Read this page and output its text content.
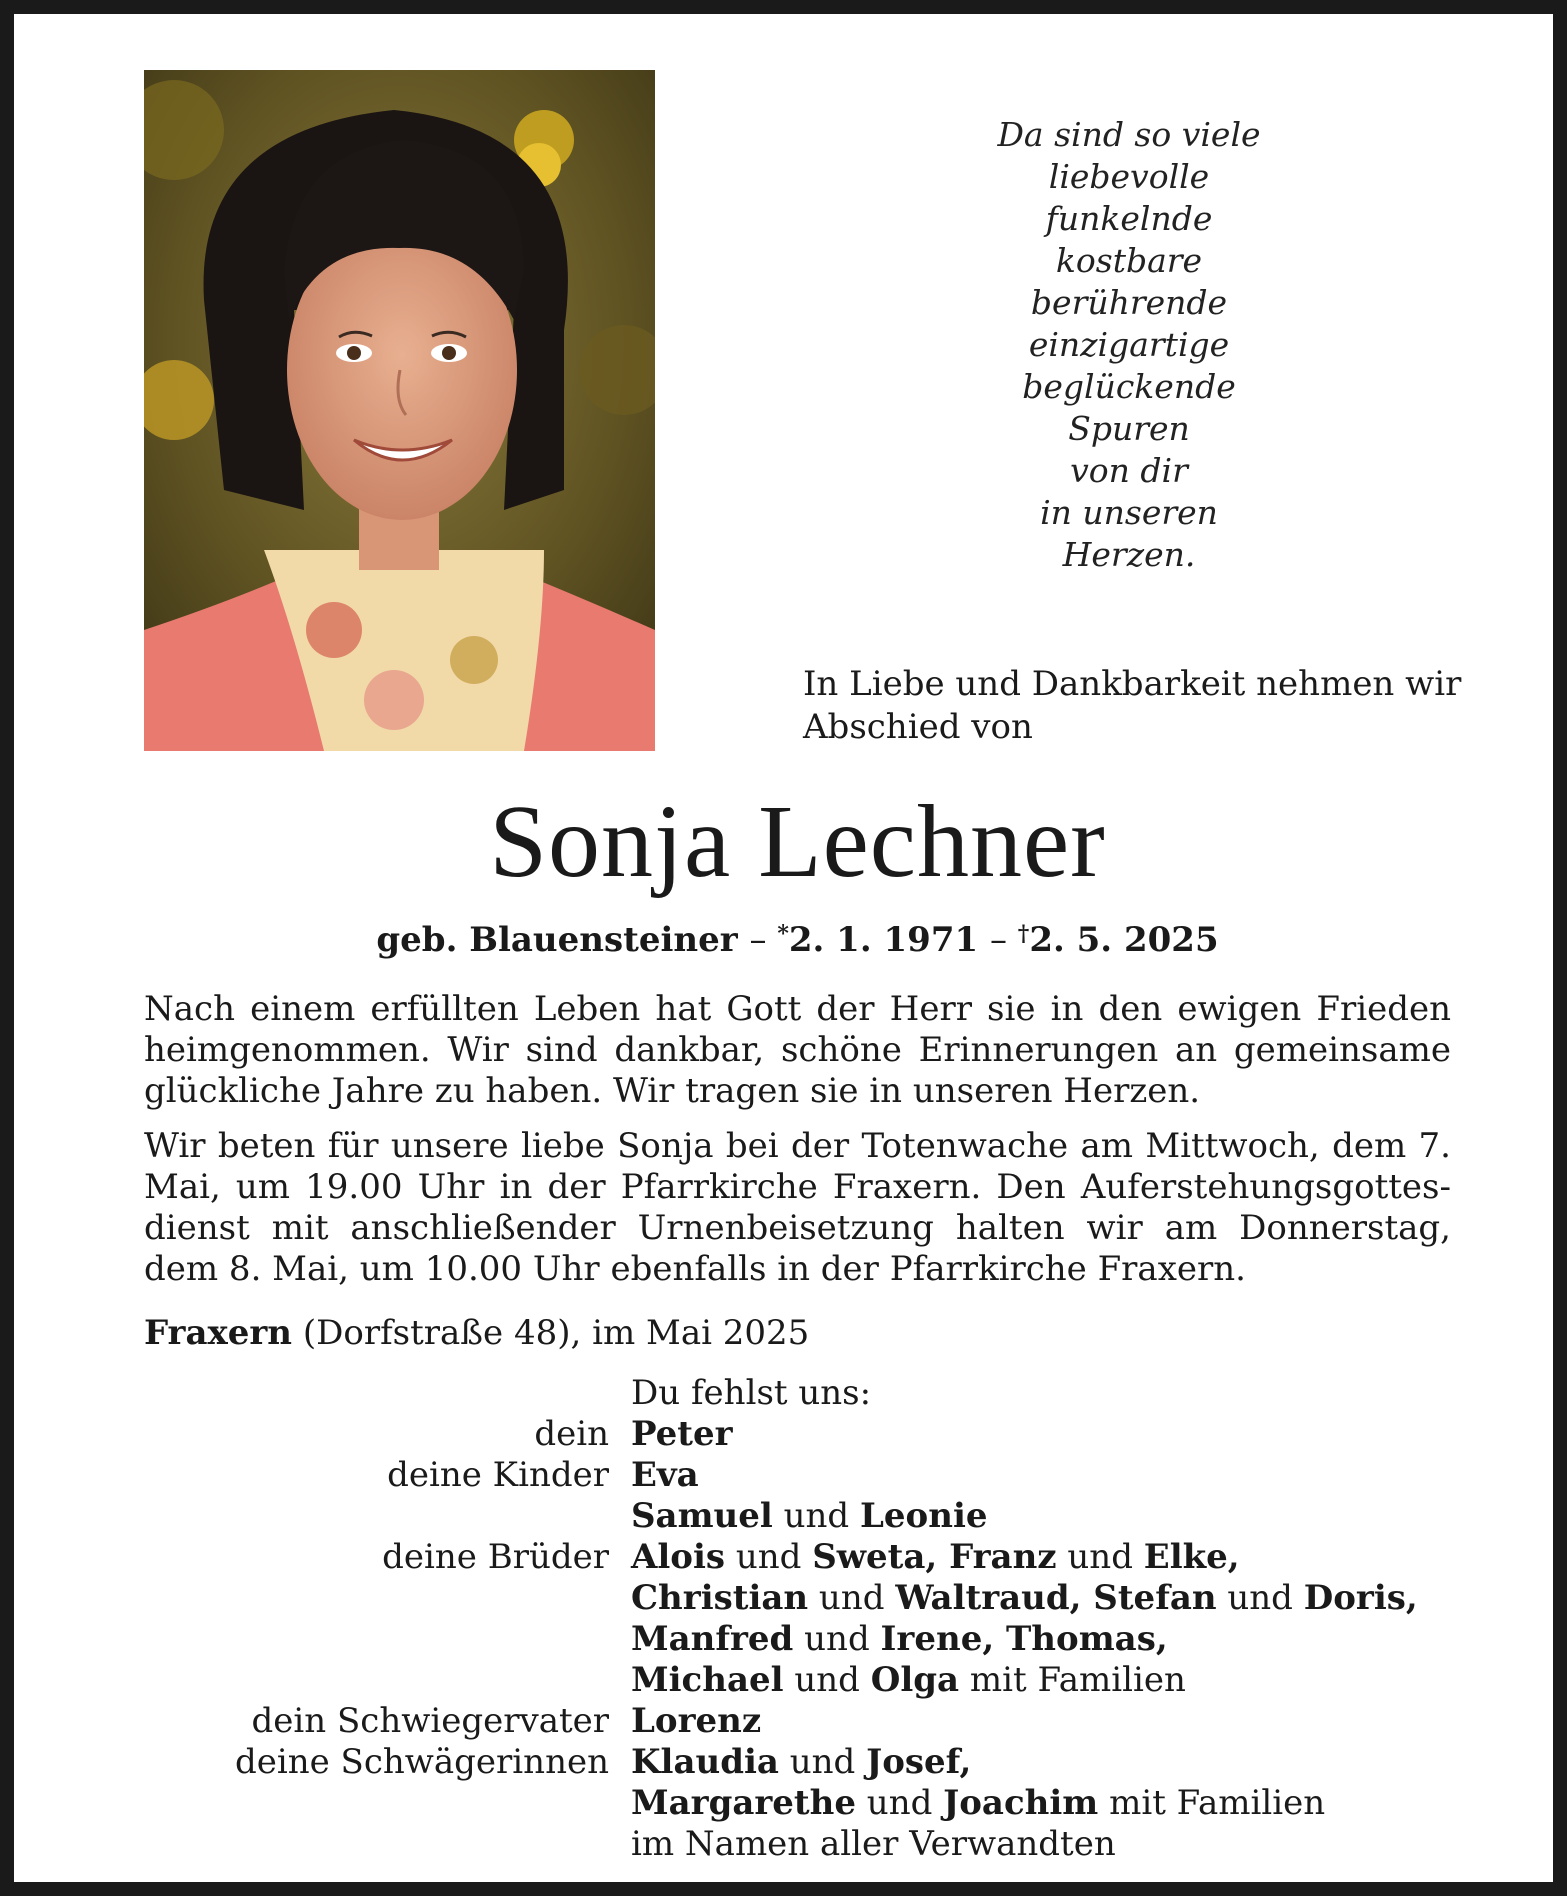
Da sind so viele
liebevolle
funkelnde
kostbare
berührende
einzigartige
beglückende
Spuren
von dir
in unseren
Herzen.
In Liebe und Dankbarkeit nehmen wir
Abschied von
Sonja Lechner
geb. Blauensteiner – *2. 1. 1971 – †2. 5. 2025
Nach einem erfüllten Leben hat Gott der Herr sie in den ewigen Frieden heimgenommen. Wir sind dankbar, schöne Erinnerungen an gemeinsame glückliche Jahre zu haben. Wir tragen sie in unseren Herzen.
Wir beten für unsere liebe Sonja bei der Totenwache am Mittwoch, dem 7. Mai, um 19.00 Uhr in der Pfarrkirche Fraxern. Den Auferstehungsgottesdienst mit anschließender Urnenbeisetzung halten wir am Donnerstag, dem 8. Mai, um 10.00 Uhr ebenfalls in der Pfarrkirche Fraxern.
Fraxern (Dorfstraße 48), im Mai 2025
Du fehlst uns:
dein Peter
deine Kinder Eva
Samuel und Leonie
deine Brüder Alois und Sweta, Franz und Elke,
Christian und Waltraud, Stefan und Doris,
Manfred und Irene, Thomas,
Michael und Olga mit Familien
dein Schwiegervater Lorenz
deine Schwägerinnen Klaudia und Josef,
Margarethe und Joachim mit Familien
im Namen aller Verwandten
